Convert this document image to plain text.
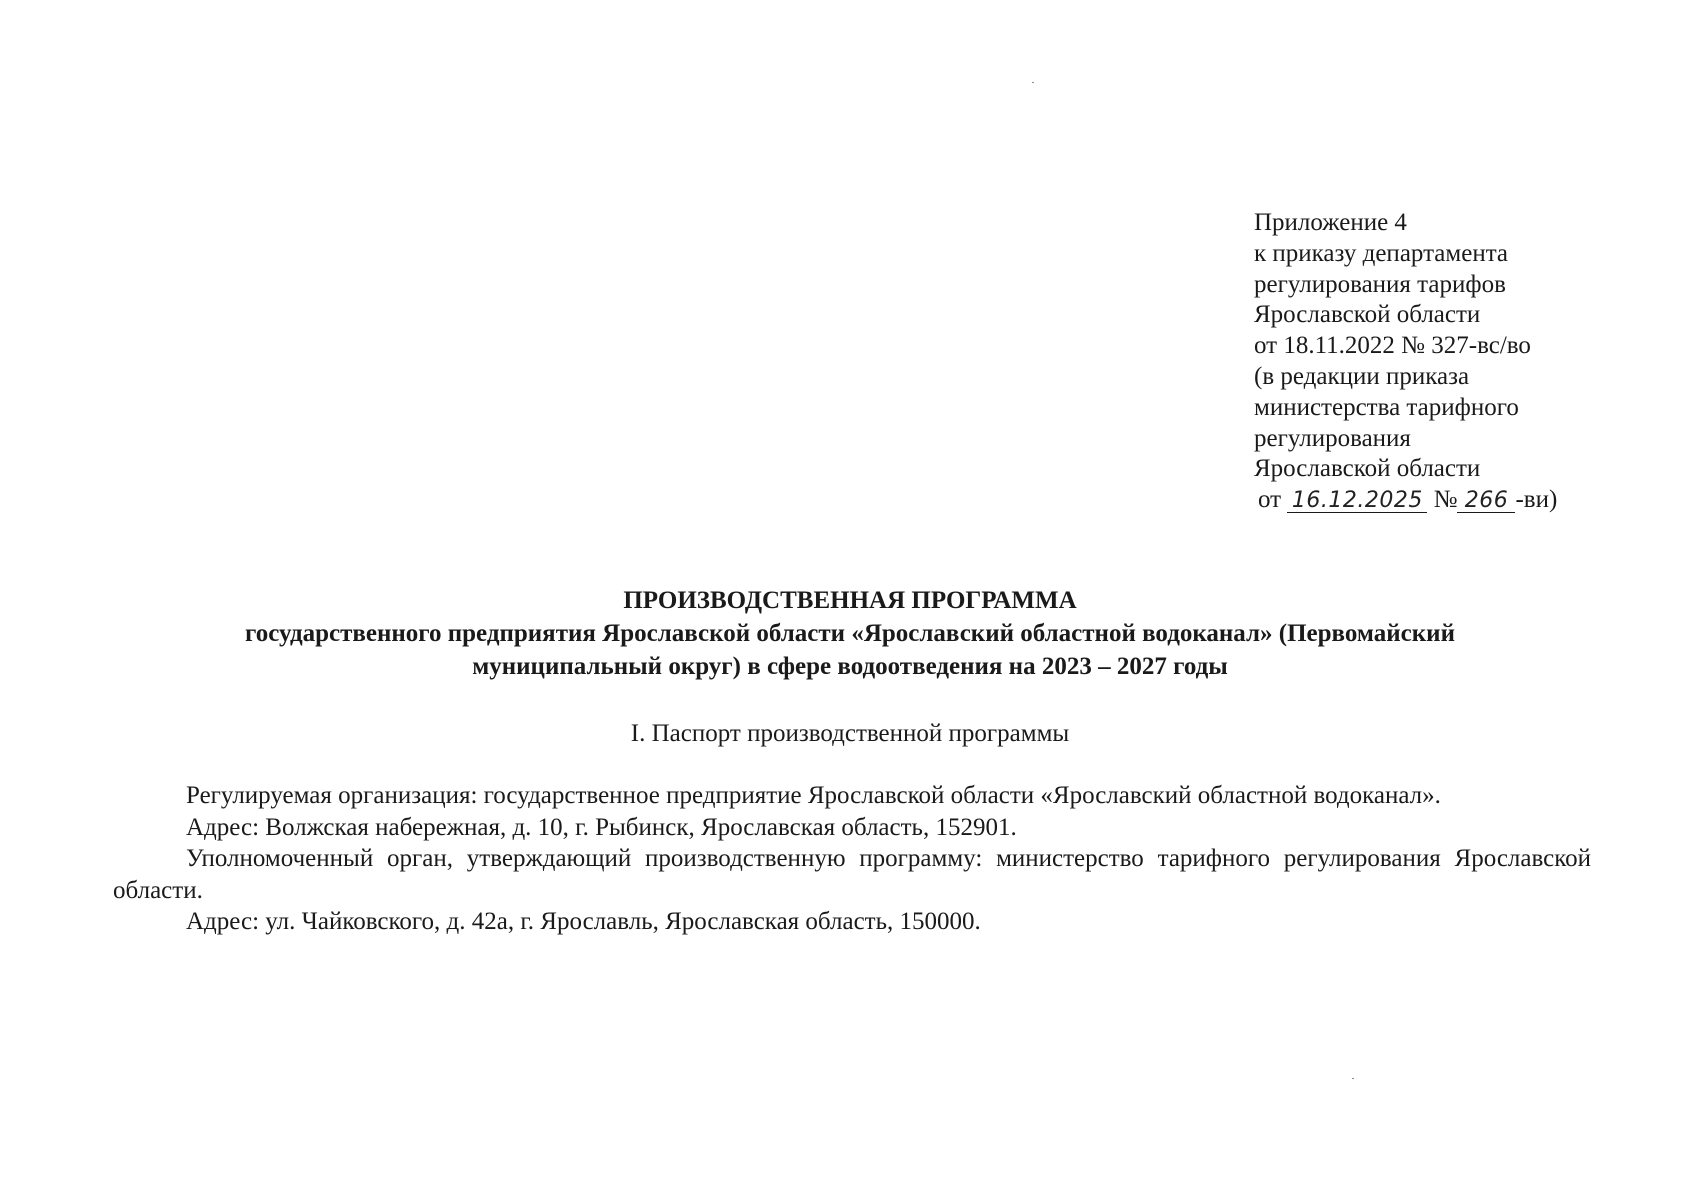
Приложение 4
к приказу департамента
регулирования тарифов
Ярославской области
от 18.11.2022 № 327-вс/во
(в редакции приказа
министерства тарифного
регулирования
Ярославской области
от 16.12.2025 № 266 -ви)
ПРОИЗВОДСТВЕННАЯ ПРОГРАММА
государственного предприятия Ярославской области «Ярославский областной водоканал» (Первомайский
муниципальный округ) в сфере водоотведения на 2023 – 2027 годы
I. Паспорт производственной программы

Регулируемая организация: государственное предприятие Ярославской области «Ярославский областной водоканал».

Адрес: Волжская набережная, д. 10, г. Рыбинск, Ярославская область, 152901.

Уполномоченный орган, утверждающий производственную программу: министерство тарифного регулирования Ярославской области.

Адрес: ул. Чайковского, д. 42а, г. Ярославль, Ярославская область, 150000.
